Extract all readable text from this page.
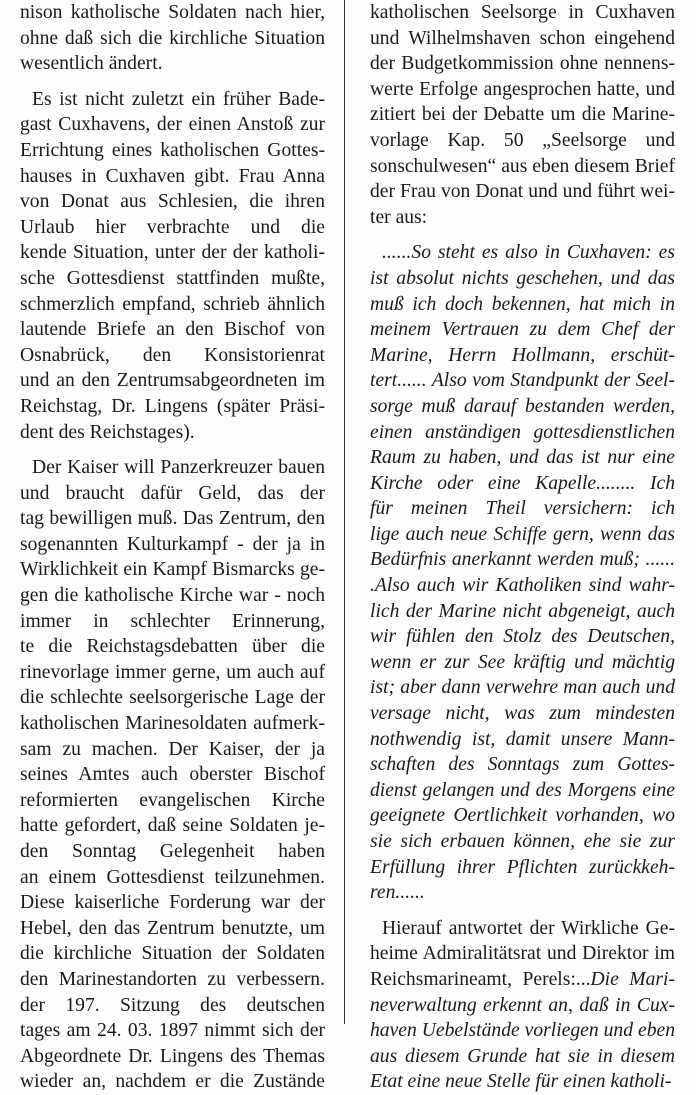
nison katholische Soldaten nach hier,
ohne daß sich die kirchliche Situation
wesentlich ändert.
Es ist nicht zuletzt ein früher Bade-
gast Cuxhavens, der einen Anstoß zur
Errichtung eines katholischen Gottes-
hauses in Cuxhaven gibt. Frau Anna
von Donat aus Schlesien, die ihren
Urlaub hier verbrachte und die
kende Situation, unter der der katholi-
sche Gottesdienst stattfinden mußte,
schmerzlich empfand, schrieb ähnlich
lautende Briefe an den Bischof von
Osnabrück, den Konsistorienrat
und an den Zentrumsabgeordneten im
Reichstag, Dr. Lingens (später Präsi-
dent des Reichstages).
Der Kaiser will Panzerkreuzer bauen
und braucht dafür Geld, das der
tag bewilligen muß. Das Zentrum, den
sogenannten Kulturkampf - der ja in
Wirklichkeit ein Kampf Bismarcks ge-
gen die katholische Kirche war - noch
immer in schlechter Erinnerung,
te die Reichstagsdebatten über die
rinevorlage immer gerne, um auch auf
die schlechte seelsorgerische Lage der
katholischen Marinesoldaten aufmerk-
sam zu machen. Der Kaiser, der ja
seines Amtes auch oberster Bischof
reformierten evangelischen Kirche
hatte gefordert, daß seine Soldaten je-
den Sonntag Gelegenheit haben
an einem Gottesdienst teilzunehmen.
Diese kaiserliche Forderung war der
Hebel, den das Zentrum benutzte, um
die kirchliche Situation der Soldaten
den Marinestandorten zu verbessern.
der 197. Sitzung des deutschen
tages am 24. 03. 1897 nimmt sich der
Abgeordnete Dr. Lingens des Themas
wieder an, nachdem er die Zustände
katholischen Seelsorge in Cuxhaven
und Wilhelmshaven schon eingehend
der Budgetkommission ohne nennens-
werte Erfolge angesprochen hatte, und
zitiert bei der Debatte um die Marine-
vorlage Kap. 50 „Seelsorge und
sonschulwesen“ aus eben diesem Brief
der Frau von Donat und und führt wei-
ter aus:
......So steht es also in Cuxhaven: es
ist absolut nichts geschehen, und das
muß ich doch bekennen, hat mich in
meinem Vertrauen zu dem Chef der
Marine, Herrn Hollmann, erschüt-
tert...... Also vom Standpunkt der Seel-
sorge muß darauf bestanden werden,
einen anständigen gottesdienstlichen
Raum zu haben, und das ist nur eine
Kirche oder eine Kapelle........ Ich
für meinen Theil versichern: ich
lige auch neue Schiffe gern, wenn das
Bedürfnis anerkannt werden muß; ......
.Also auch wir Katholiken sind wahr-
lich der Marine nicht abgeneigt, auch
wir fühlen den Stolz des Deutschen,
wenn er zur See kräftig und mächtig
ist; aber dann verwehre man auch und
versage nicht, was zum mindesten
nothwendig ist, damit unsere Mann-
schaften des Sonntags zum Gottes-
dienst gelangen und des Morgens eine
geeignete Oertlichkeit vorhanden, wo
sie sich erbauen können, ehe sie zur
Erfüllung ihrer Pflichten zurückkeh-
ren......
Hierauf antwortet der Wirkliche Ge-
heime Admiralitätsrat und Direktor im
Reichsmarineamt, Perels:...Die Mari-
neverwaltung erkennt an, daß in Cux-
haven Uebelstände vorliegen und eben
aus diesem Grunde hat sie in diesem
Etat eine neue Stelle für einen katholi-
